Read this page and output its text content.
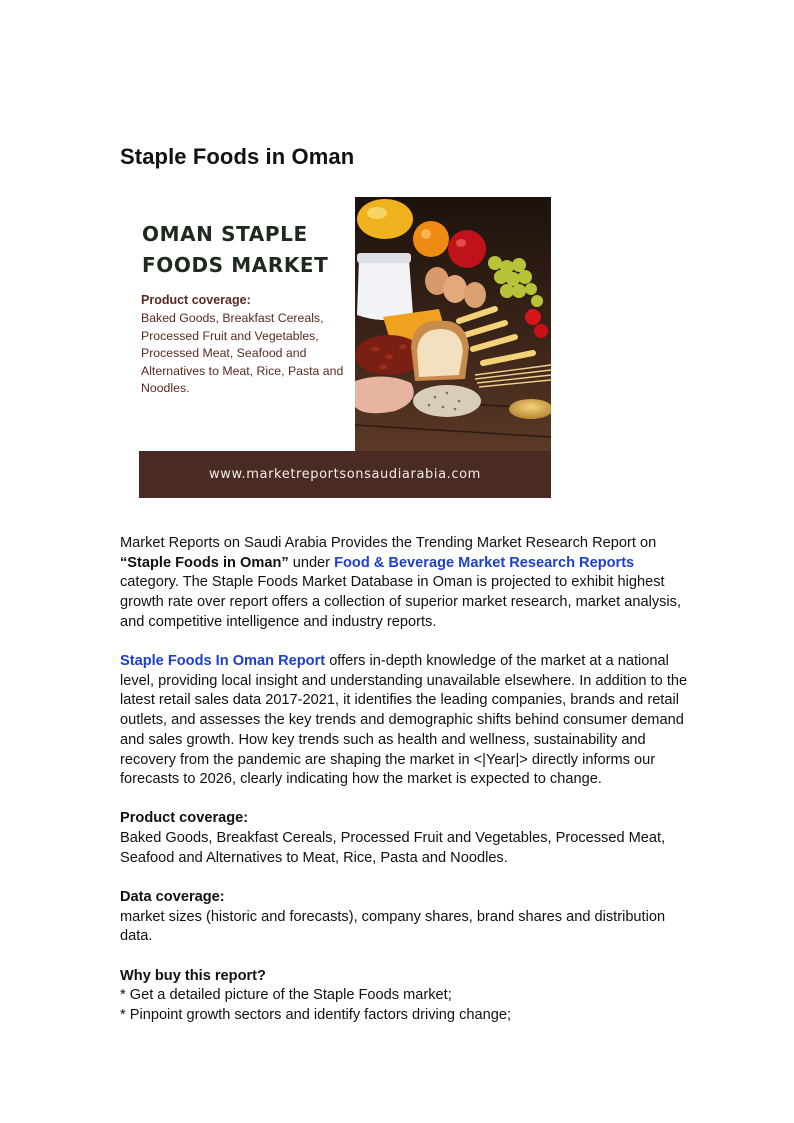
Staple Foods in Oman
OMAN STAPLE
FOODS MARKET
Product coverage:
Baked Goods, Breakfast Cereals, Processed Fruit and Vegetables, Processed Meat, Seafood and Alternatives to Meat, Rice, Pasta and Noodles.
www.marketreportsonsaudiarabia.com

Market Reports on Saudi Arabia Provides the Trending Market Research Report on “Staple Foods in Oman” under Food & Beverage Market Research Reports category. The Staple Foods Market Database in Oman is projected to exhibit highest growth rate over report offers a collection of superior market research, market analysis, and competitive intelligence and industry reports.

Staple Foods In Oman Report offers in-depth knowledge of the market at a national level, providing local insight and understanding unavailable elsewhere. In addition to the latest retail sales data 2017-2021, it identifies the leading companies, brands and retail outlets, and assesses the key trends and demographic shifts behind consumer demand and sales growth. How key trends such as health and wellness, sustainability and recovery from the pandemic are shaping the market in <|Year|> directly informs our forecasts to 2026, clearly indicating how the market is expected to change.

Product coverage:
Baked Goods, Breakfast Cereals, Processed Fruit and Vegetables, Processed Meat, Seafood and Alternatives to Meat, Rice, Pasta and Noodles.

Data coverage:
market sizes (historic and forecasts), company shares, brand shares and distribution data.

Why buy this report?
* Get a detailed picture of the Staple Foods market;
* Pinpoint growth sectors and identify factors driving change;
